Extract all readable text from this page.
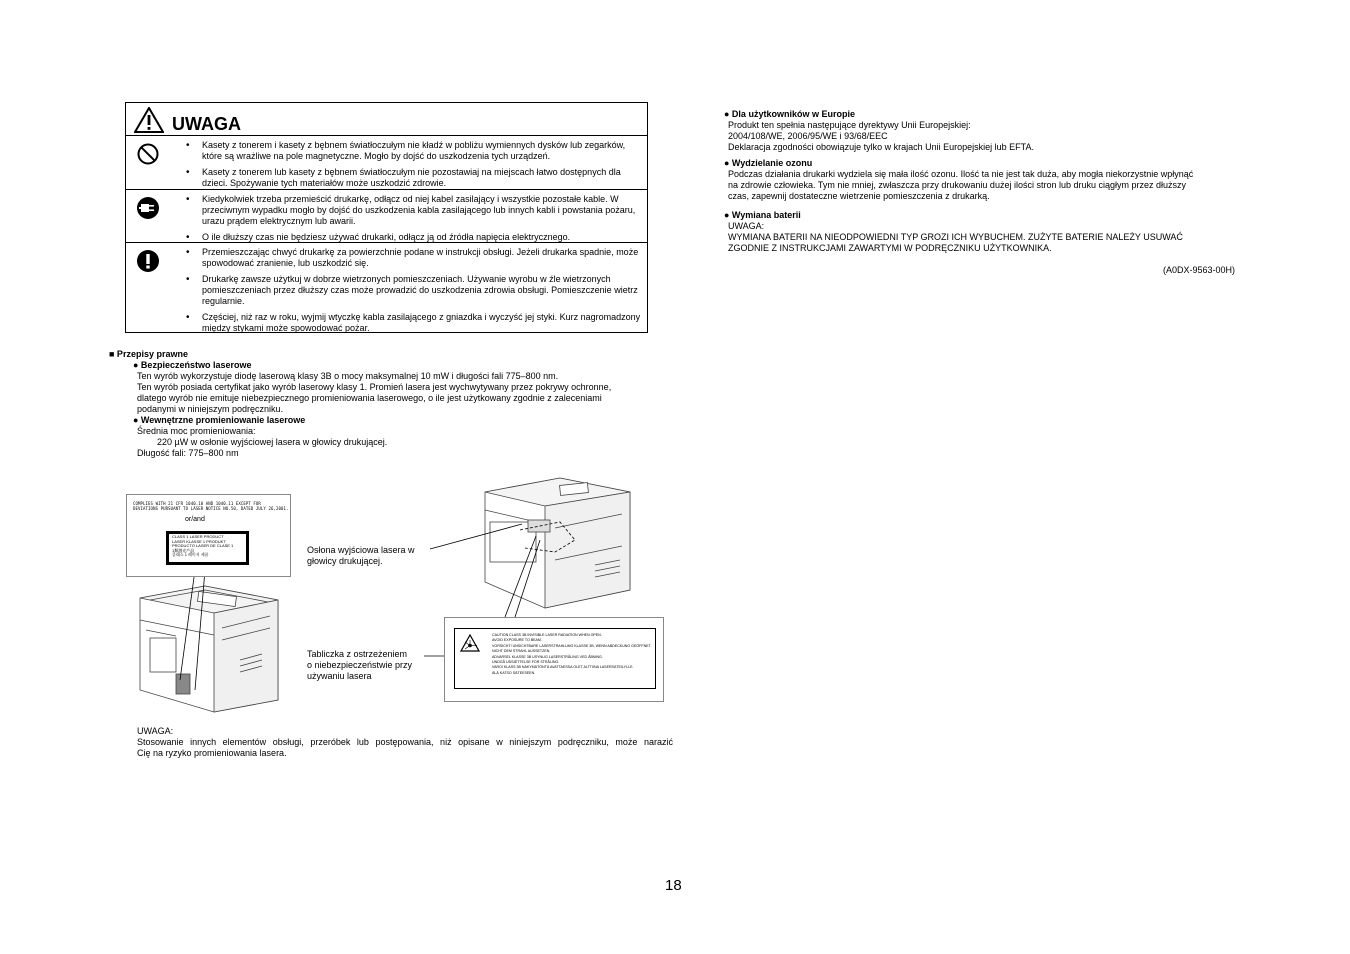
UWAGA
• Kasety z tonerem i kasety z bębnem światłoczułym nie kładź w pobliżu wymiennych dysków lub zegarków, które są wrażliwe na pole magnetyczne. Mogło by dojść do uszkodzenia tych urządzeń.
• Kasety z tonerem lub kasety z bębnem światłoczułym nie pozostawiaj na miejscach łatwo dostępnych dla dzieci. Spożywanie tych materiałów może uszkodzić zdrowie.
• Kiedykolwiek trzeba przemieścić drukarkę, odłącz od niej kabel zasilający i wszystkie pozostałe kable. W przeciwnym wypadku mogło by dojść do uszkodzenia kabla zasilającego lub innych kabli i powstania pożaru, urazu prądem elektrycznym lub awarii.
• O ile dłuższy czas nie będziesz używać drukarki, odłącz ją od źródła napięcia elektrycznego.
• Przemieszczając chwyć drukarkę za powierzchnie podane w instrukcji obsługi. Jeżeli drukarka spadnie, może spowodować zranienie, lub uszkodzić się.
• Drukarkę zawsze użytkuj w dobrze wietrzonych pomieszczeniach. Używanie wyrobu w źle wietrzonych pomieszczeniach przez dłuższy czas może prowadzić do uszkodzenia zdrowia obsługi. Pomieszczenie wietrz regularnie.
• Częściej, niż raz w roku, wyjmij wtyczkę kabla zasilającego z gniazdka i wyczyść jej styki. Kurz nagromadzony między stykami może spowodować pożar.
■ Przepisy prawne
● Bezpieczeństwo laserowe
Ten wyrób wykorzystuje diodę laserową klasy 3B o mocy maksymalnej 10 mW i długości fali 775–800 nm.
Ten wyrób posiada certyfikat jako wyrób laserowy klasy 1. Promień lasera jest wychwytywany przez pokrywy ochronne,
dlatego wyrób nie emituje niebezpiecznego promieniowania laserowego, o ile jest użytkowany zgodnie z zaleceniami
podanymi w niniejszym podręczniku.
● Wewnętrzne promieniowanie laserowe
Średnia moc promieniowania:
220 µW w osłonie wyjściowej lasera w głowicy drukującej.
Długość fali: 775–800 nm
COMPLIES WITH 21 CFR 1040.10 AND 1040.11 EXCEPT FOR
DEVIATIONS PURSUANT TO LASER NOTICE NO.50, DATED JULY 26,2001.
or/and
CLASS 1 LASER PRODUCT
LASER KLASSE 1 PRODUKT
PRODUCTO LASER DE CLASE 1
1類激光产品
클래스 1 레이저 제품	Osłona wyjściowa lasera w
głowicy drukującej.
Tabliczka z ostrzeżeniem
o niebezpieczeństwie przy
używaniu lasera
CAUTION CLASS 3B INVISIBLE LASER RADIATION WHEN OPEN.
AVOID EXPOSURE TO BEAM.
VORSICHT! UNSICHTBARE LASERSTRAHLUNG KLASSE 3B, WENN ABDECKUNG GEÖFFNET.
NICHT DEM STRAHL AUSSETZEN.
ADVARSEL KLASSE 3B USYNLIG LASERSTRÅLING VED ÅBNING.
UNDGÅ UDSÆTTELSE FOR STRÅLING.
VARO! KLASS 3B NÄKYMÄTÖNTÄ AVATTAESSA OLET ALTTIINA LASERSÄTEILYLLE.
ÄLÄ KATSO SÄTEESEEN.
UWAGA:
Stosowanie innych elementów obsługi, przeróbek lub postępowania, niż opisane w niniejszym podręczniku, może narazić
Cię na ryzyko promieniowania lasera.
● Dla użytkowników w Europie
Produkt ten spełnia następujące dyrektywy Unii Europejskiej:
2004/108/WE, 2006/95/WE i 93/68/EEC
Deklaracja zgodności obowiązuje tylko w krajach Unii Europejskiej lub EFTA.
● Wydzielanie ozonu
Podczas działania drukarki wydziela się mała ilość ozonu. Ilość ta nie jest tak duża, aby mogła niekorzystnie wpłynąć
na zdrowie człowieka. Tym nie mniej, zwłaszcza przy drukowaniu dużej ilości stron lub druku ciągłym przez dłuższy
czas, zapewnij dostateczne wietrzenie pomieszczenia z drukarką.
● Wymiana baterii
UWAGA:
WYMIANA BATERII NA NIEODPOWIEDNI TYP GROZI ICH WYBUCHEM. ZUŻYTE BATERIE NALEŻY USUWAĆ
ZGODNIE Z INSTRUKCJAMI ZAWARTYMI W PODRĘCZNIKU UŻYTKOWNIKA.
(A0DX-9563-00H)
18
